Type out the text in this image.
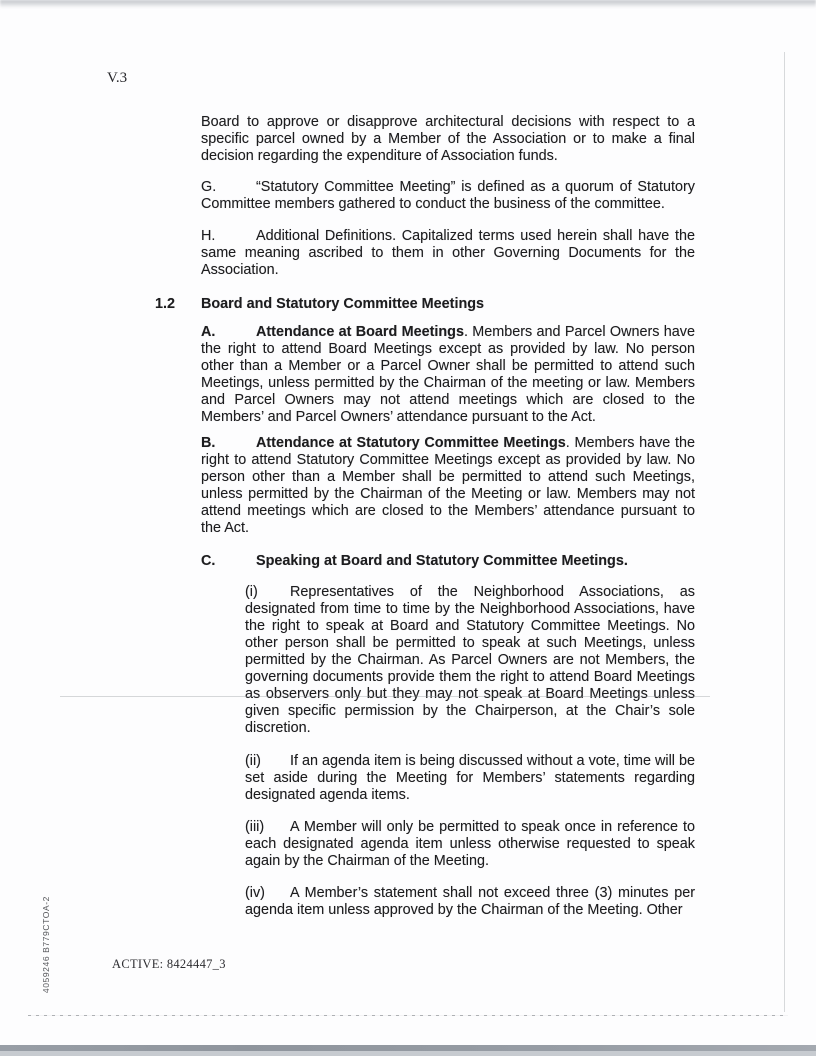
V.3

Board to approve or disapprove architectural decisions with respect to a specific parcel owned by a Member of the Association or to make a final decision regarding the expenditure of Association funds.

G.	“Statutory Committee Meeting” is defined as a quorum of Statutory Committee members gathered to conduct the business of the committee.

H.	Additional Definitions. Capitalized terms used herein shall have the same meaning ascribed to them in other Governing Documents for the Association.

1.2 Board and Statutory Committee Meetings

A.	Attendance at Board Meetings. Members and Parcel Owners have the right to attend Board Meetings except as provided by law. No person other than a Member or a Parcel Owner shall be permitted to attend such Meetings, unless permitted by the Chairman of the meeting or law. Members and Parcel Owners may not attend meetings which are closed to the Members’ and Parcel Owners’ attendance pursuant to the Act.

B.	Attendance at Statutory Committee Meetings. Members have the right to attend Statutory Committee Meetings except as provided by law. No person other than a Member shall be permitted to attend such Meetings, unless permitted by the Chairman of the Meeting or law. Members may not attend meetings which are closed to the Members’ attendance pursuant to the Act.

C.	Speaking at Board and Statutory Committee Meetings.

(i) Representatives of the Neighborhood Associations, as designated from time to time by the Neighborhood Associations, have the right to speak at Board and Statutory Committee Meetings. No other person shall be permitted to speak at such Meetings, unless permitted by the Chairman. As Parcel Owners are not Members, the governing documents provide them the right to attend Board Meetings as observers only but they may not speak at Board Meetings unless given specific permission by the Chairperson, at the Chair’s sole discretion.

(ii) If an agenda item is being discussed without a vote, time will be set aside during the Meeting for Members’ statements regarding designated agenda items.

(iii) A Member will only be permitted to speak once in reference to each designated agenda item unless otherwise requested to speak again by the Chairman of the Meeting.

(iv) A Member’s statement shall not exceed three (3) minutes per agenda item unless approved by the Chairman of the Meeting. Other

4059246 B779CTOA-2	ACTIVE: 8424447_3
